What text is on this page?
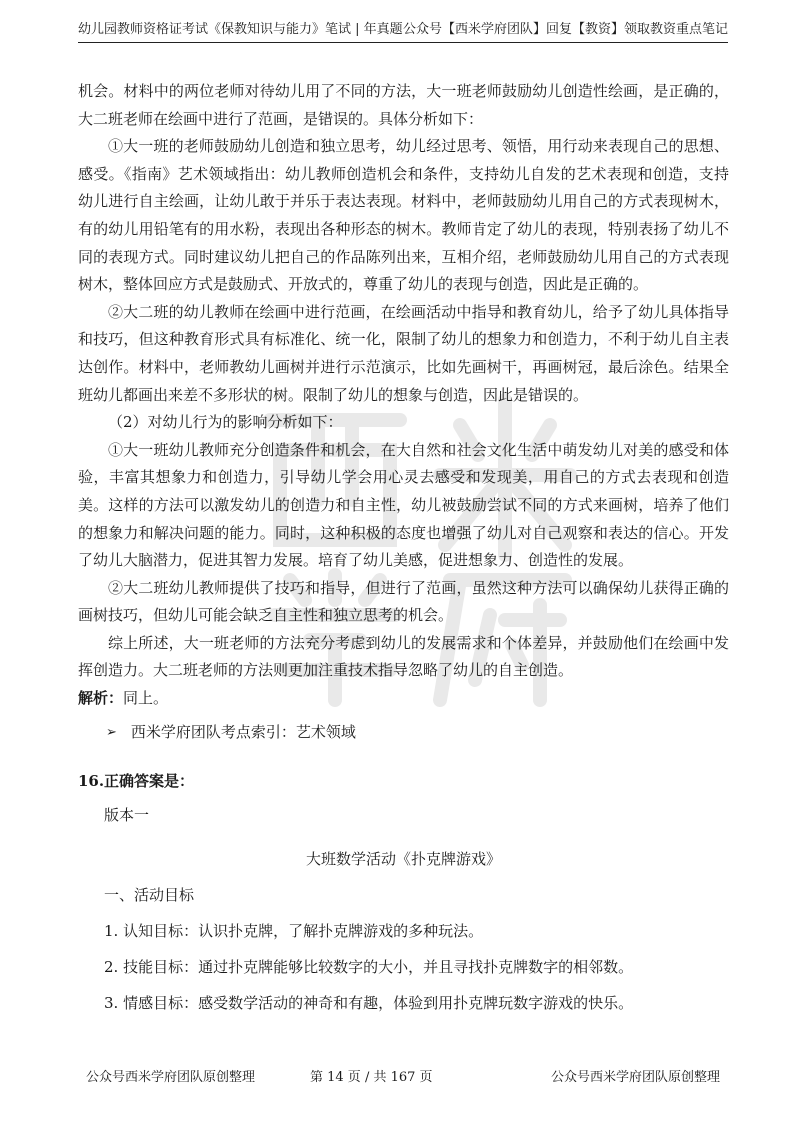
幼儿园教师资格证考试《保教知识与能力》笔试 | 年真题 公众号【西米学府团队】回复【教资】领取教资重点笔记

机会。材料中的两位老师对待幼儿用了不同的方法，大一班老师鼓励幼儿创造性绘画，是正确的，大二班老师在绘画中进行了范画，是错误的。具体分析如下：

①大一班的老师鼓励幼儿创造和独立思考，幼儿经过思考、领悟，用行动来表现自己的思想、感受。《指南》艺术领域指出：幼儿教师创造机会和条件，支持幼儿自发的艺术表现和创造，支持幼儿进行自主绘画，让幼儿敢于并乐于表达表现。材料中，老师鼓励幼儿用自己的方式表现树木，有的幼儿用铅笔有的用水粉，表现出各种形态的树木。教师肯定了幼儿的表现，特别表扬了幼儿不同的表现方式。同时建议幼儿把自己的作品陈列出来，互相介绍，老师鼓励幼儿用自己的方式表现树木，整体回应方式是鼓励式、开放式的，尊重了幼儿的表现与创造，因此是正确的。

②大二班的幼儿教师在绘画中进行范画，在绘画活动中指导和教育幼儿，给予了幼儿具体指导和技巧，但这种教育形式具有标准化、统一化，限制了幼儿的想象力和创造力，不利于幼儿自主表达创作。材料中，老师教幼儿画树并进行示范演示，比如先画树干，再画树冠，最后涂色。结果全班幼儿都画出来差不多形状的树。限制了幼儿的想象与创造，因此是错误的。

（2）对幼儿行为的影响分析如下：

①大一班幼儿教师充分创造条件和机会，在大自然和社会文化生活中萌发幼儿对美的感受和体验，丰富其想象力和创造力，引导幼儿学会用心灵去感受和发现美，用自己的方式去表现和创造美。这样的方法可以激发幼儿的创造力和自主性，幼儿被鼓励尝试不同的方式来画树，培养了他们的想象力和解决问题的能力。同时，这种积极的态度也增强了幼儿对自己观察和表达的信心。开发了幼儿大脑潜力，促进其智力发展。培育了幼儿美感，促进想象力、创造性的发展。

②大二班幼儿教师提供了技巧和指导，但进行了范画，虽然这种方法可以确保幼儿获得正确的画树技巧，但幼儿可能会缺乏自主性和独立思考的机会。

综上所述，大一班老师的方法充分考虑到幼儿的发展需求和个体差异，并鼓励他们在绘画中发挥创造力。大二班老师的方法则更加注重技术指导忽略了幼儿的自主创造。

解析：同上。

➢ 西米学府团队考点索引：艺术领域
16.正确答案是：
版本一
大班数学活动《扑克牌游戏》
一、活动目标
1. 认知目标：认识扑克牌，了解扑克牌游戏的多种玩法。
2. 技能目标：通过扑克牌能够比较数字的大小，并且寻找扑克牌数字的相邻数。
3. 情感目标：感受数学活动的神奇和有趣，体验到用扑克牌玩数字游戏的快乐。
公众号西米学府团队原创整理	第 14 页 / 共 167 页	公众号西米学府团队原创整理
